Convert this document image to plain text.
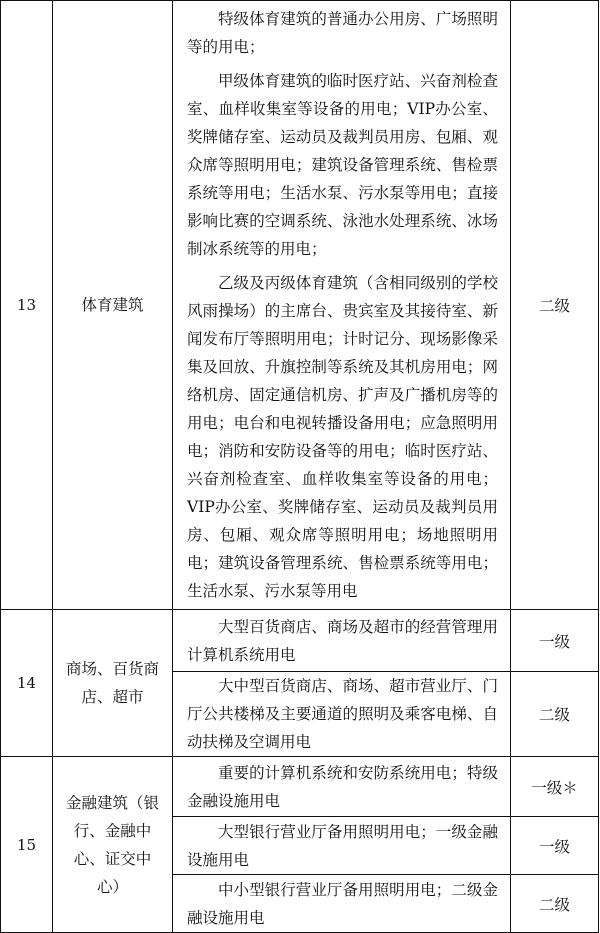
13	体育建筑	特级体育建筑的普通办公用房、广场照明等的用电；

甲级体育建筑的临时医疗站、兴奋剂检查室、血样收集室等设备的用电；VIP办公室、奖牌储存室、运动员及裁判员用房、包厢、观众席等照明用电；建筑设备管理系统、售检票系统等用电；生活水泵、污水泵等用电；直接影响比赛的空调系统、泳池水处理系统、冰场制冰系统等的用电；

乙级及丙级体育建筑（含相同级别的学校风雨操场）的主席台、贵宾室及其接待室、新闻发布厅等照明用电；计时记分、现场影像采集及回放、升旗控制等系统及其机房用电；网络机房、固定通信机房、扩声及广播机房等的用电；电台和电视转播设备用电；应急照明用电；消防和安防设备等的用电；临时医疗站、兴奋剂检查室、血样收集室等设备的用电；VIP办公室、奖牌储存室、运动员及裁判员用房、包厢、观众席等照明用电；场地照明用电；建筑设备管理系统、售检票系统等用电；生活水泵、污水泵等用电	二级
14	商场、百货商店、超市	大型百货商店、商场及超市的经营管理用计算机系统用电	一级

		大中型百货商店、商场、超市营业厅、门厅公共楼梯及主要通道的照明及乘客电梯、自动扶梯及空调用电	二级
15	金融建筑（银行、金融中心、证交中心）	重要的计算机系统和安防系统用电；特级金融设施用电	一级＊

		大型银行营业厅备用照明用电；一级金融设施用电	一级

		中小型银行营业厅备用照明用电；二级金融设施用电	二级
